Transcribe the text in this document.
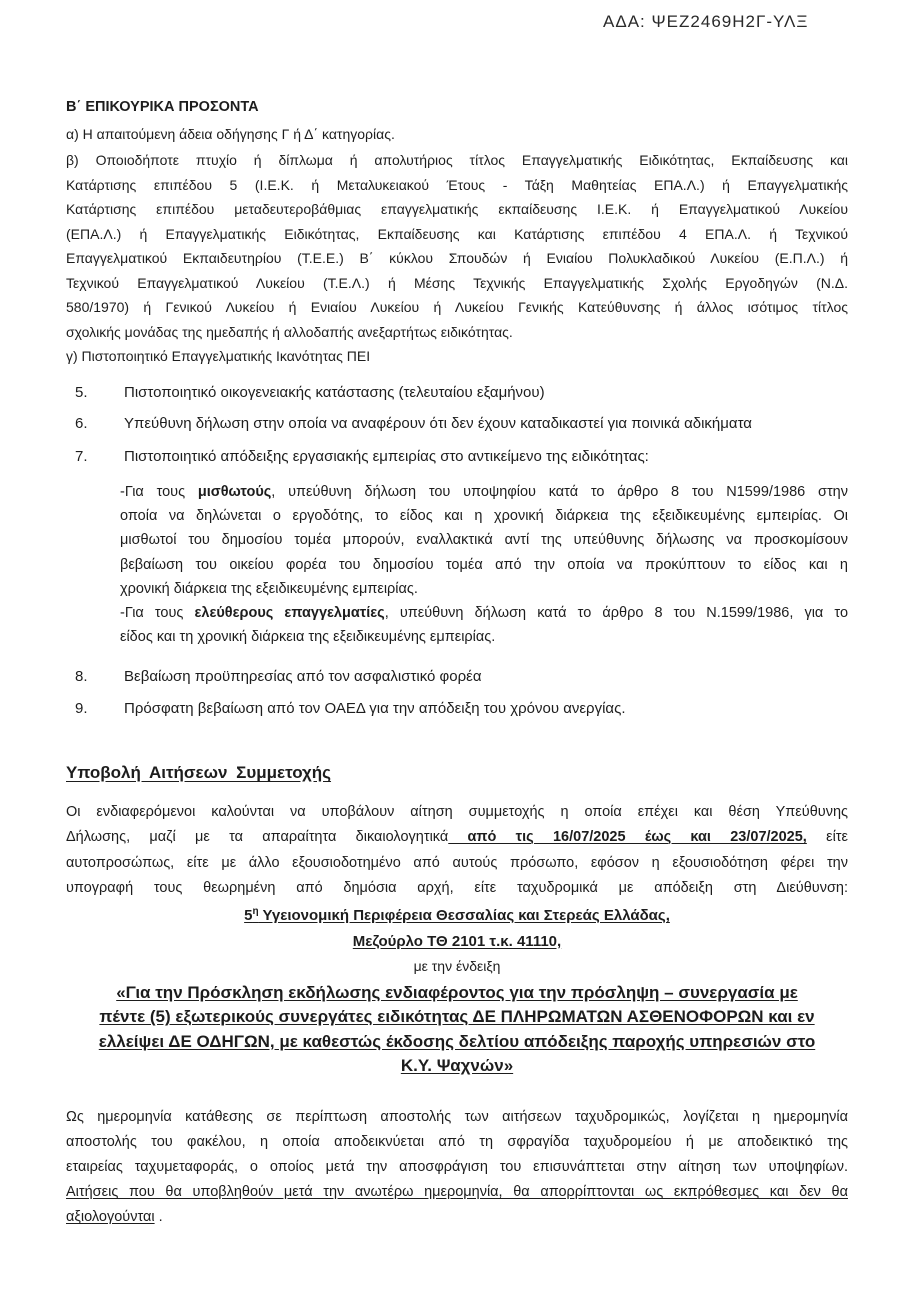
ΑΔΑ: ΨΕΖ2469Η2Γ-ΥΛΞ
Β΄ ΕΠΙΚΟΥΡΙΚΑ ΠΡΟΣΟΝΤΑ
α) Η απαιτούμενη άδεια οδήγησης Γ ή Δ΄ κατηγορίας.
β) Οποιοδήποτε πτυχίο ή δίπλωμα ή απολυτήριος τίτλος Επαγγελματικής Ειδικότητας, Εκπαίδευσης και
Κατάρτισης επιπέδου 5 (Ι.Ε.Κ. ή Μεταλυκειακού Έτους - Τάξη Μαθητείας ΕΠΑ.Λ.) ή Επαγγελματικής
Κατάρτισης επιπέδου μεταδευτεροβάθμιας επαγγελματικής εκπαίδευσης Ι.Ε.Κ. ή Επαγγελματικού Λυκείου
(ΕΠΑ.Λ.) ή Επαγγελματικής Ειδικότητας, Εκπαίδευσης και Κατάρτισης επιπέδου 4 ΕΠΑ.Λ. ή Τεχνικού
Επαγγελματικού Εκπαιδευτηρίου (Τ.Ε.Ε.) Β΄ κύκλου Σπουδών ή Ενιαίου Πολυκλαδικού Λυκείου (Ε.Π.Λ.) ή
Τεχνικού Επαγγελματικού Λυκείου (Τ.Ε.Λ.) ή Μέσης Τεχνικής Επαγγελματικής Σχολής Εργοδηγών (Ν.Δ.
580/1970) ή Γενικού Λυκείου ή Ενιαίου Λυκείου ή Λυκείου Γενικής Κατεύθυνσης ή άλλος ισότιμος τίτλος
σχολικής μονάδας της ημεδαπής ή αλλοδαπής ανεξαρτήτως ειδικότητας.
γ) Πιστοποιητικό Επαγγελματικής Ικανότητας ΠΕΙ
5. Πιστοποιητικό οικογενειακής κατάστασης (τελευταίου εξαμήνου)
6. Υπεύθυνη δήλωση στην οποία να αναφέρουν ότι δεν έχουν καταδικαστεί για ποινικά αδικήματα
7. Πιστοποιητικό απόδειξης εργασιακής εμπειρίας στο αντικείμενο της ειδικότητας:
-Για τους μισθωτούς, υπεύθυνη δήλωση του υποψηφίου κατά το άρθρο 8 του Ν1599/1986 στην
οποία να δηλώνεται ο εργοδότης, το είδος και η χρονική διάρκεια της εξειδικευμένης εμπειρίας. Οι
μισθωτοί του δημοσίου τομέα μπορούν, εναλλακτικά αντί της υπεύθυνης δήλωσης να προσκομίσουν
βεβαίωση του οικείου φορέα του δημοσίου τομέα από την οποία να προκύπτουν το είδος και η
χρονική διάρκεια της εξειδικευμένης εμπειρίας.
-Για τους ελεύθερους επαγγελματίες, υπεύθυνη δήλωση κατά το άρθρο 8 του Ν.1599/1986, για το
είδος και τη χρονική διάρκεια της εξειδικευμένης εμπειρίας.
8. Βεβαίωση προϋπηρεσίας από τον ασφαλιστικό φορέα
9. Πρόσφατη βεβαίωση από τον ΟΑΕΔ για την απόδειξη του χρόνου ανεργίας.
Υποβολή Αιτήσεων Συμμετοχής
Οι ενδιαφερόμενοι καλούνται να υποβάλουν αίτηση συμμετοχής η οποία επέχει και θέση Υπεύθυνης
Δήλωσης, μαζί με τα απαραίτητα δικαιολογητικά από τις 16/07/2025 έως και 23/07/2025, είτε
αυτοπροσώπως, είτε με άλλο εξουσιοδοτημένο από αυτούς πρόσωπο, εφόσον η εξουσιοδότηση φέρει την
υπογραφή τους θεωρημένη από δημόσια αρχή, είτε ταχυδρομικά με απόδειξη στη Διεύθυνση:
$5^\eta$ Υγειονομική Περιφέρεια Θεσσαλίας και Στερεάς Ελλάδας,
Μεζούρλο ΤΘ 2101 τ.κ. 41110,
με την ένδειξη
«Για την Πρόσκληση εκδήλωσης ενδιαφέροντος για την πρόσληψη – συνεργασία με
πέντε (5) εξωτερικούς συνεργάτες ειδικότητας ΔΕ ΠΛΗΡΩΜΑΤΩΝ ΑΣΘΕΝΟΦΟΡΩΝ και εν
ελλείψει ΔΕ ΟΔΗΓΩΝ, με καθεστώς έκδοσης δελτίου απόδειξης παροχής υπηρεσιών στο
Κ.Υ. Ψαχνών»
Ως ημερομηνία κατάθεσης σε περίπτωση αποστολής των αιτήσεων ταχυδρομικώς, λογίζεται η ημερομηνία
αποστολής του φακέλου, η οποία αποδεικνύεται από τη σφραγίδα ταχυδρομείου ή με αποδεικτικό της
εταιρείας ταχυμεταφοράς, ο οποίος μετά την αποσφράγιση του επισυνάπτεται στην αίτηση των υποψηφίων.
Αιτήσεις που θα υποβληθούν μετά την ανωτέρω ημερομηνία, θα απορρίπτονται ως εκπρόθεσμες και δεν θα
αξιολογούνται .
